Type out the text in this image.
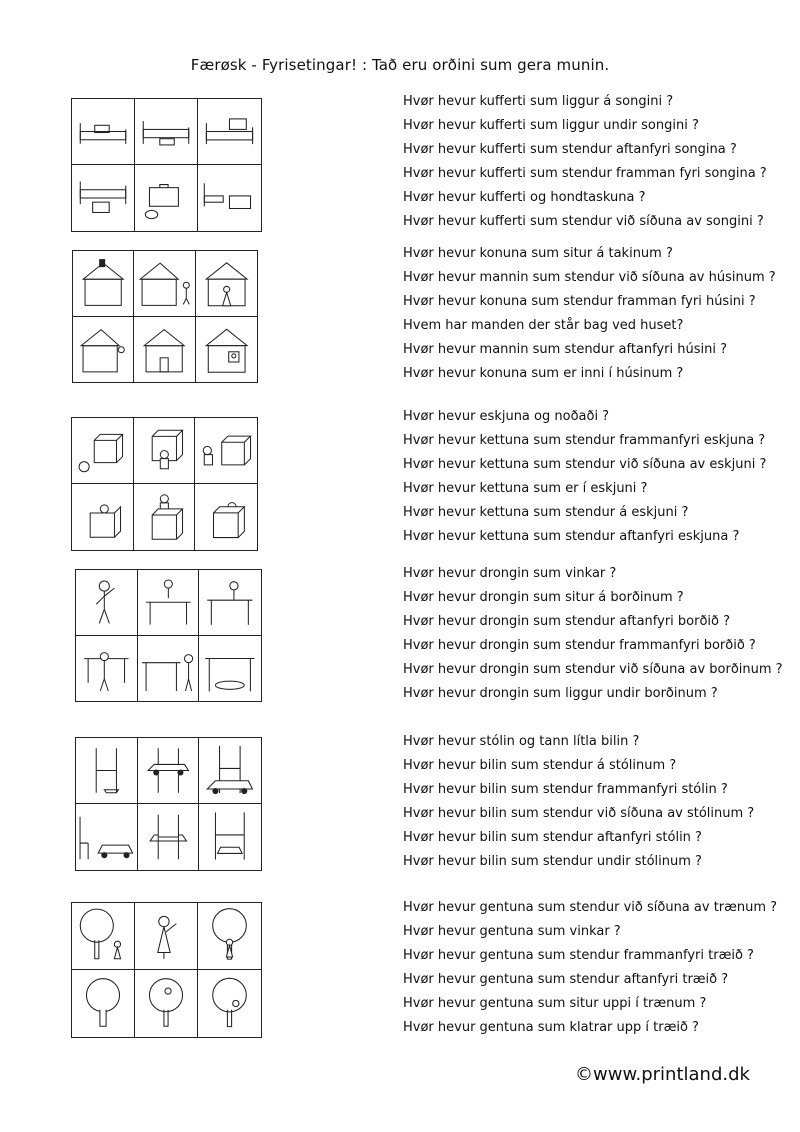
Færøsk - Fyrisetingar! : Tað eru orðini sum gera munin.
Hvør hevur kufferti sum liggur á songini ?
Hvør hevur kufferti sum liggur undir songini ?
Hvør hevur kufferti sum stendur aftanfyri songina ?
Hvør hevur kufferti sum stendur framman fyri songina ?
Hvør hevur kufferti og hondtaskuna ?
Hvør hevur kufferti sum stendur við síðuna av songini ?
Hvør hevur konuna sum situr á takinum ?
Hvør hevur mannin sum stendur við síðuna av húsinum ?
Hvør hevur konuna sum stendur framman fyri húsini ?
Hvem har manden der står bag ved huset?
Hvør hevur mannin sum stendur aftanfyri húsini ?
Hvør hevur konuna sum er inni í húsinum ?
Hvør hevur eskjuna og noðaði ?
Hvør hevur kettuna sum stendur frammanfyri eskjuna ?
Hvør hevur kettuna sum stendur við síðuna av eskjuni ?
Hvør hevur kettuna sum er í eskjuni ?
Hvør hevur kettuna sum stendur á eskjuni ?
Hvør hevur kettuna sum stendur aftanfyri eskjuna ?
Hvør hevur drongin sum vinkar ?
Hvør hevur drongin sum situr á borðinum ?
Hvør hevur drongin sum stendur aftanfyri borðið ?
Hvør hevur drongin sum stendur frammanfyri borðið ?
Hvør hevur drongin sum stendur við síðuna av borðinum ?
Hvør hevur drongin sum liggur undir borðinum ?
Hvør hevur stólin og tann lítla bilin ?
Hvør hevur bilin sum stendur á stólinum ?
Hvør hevur bilin sum stendur frammanfyri stólin ?
Hvør hevur bilin sum stendur við síðuna av stólinum ?
Hvør hevur bilin sum stendur aftanfyri stólin ?
Hvør hevur bilin sum stendur undir stólinum ?
Hvør hevur gentuna sum stendur við síðuna av trænum ?
Hvør hevur gentuna sum vinkar ?
Hvør hevur gentuna sum stendur frammanfyri træið ?
Hvør hevur gentuna sum stendur aftanfyri træið ?
Hvør hevur gentuna sum situr uppi í trænum ?
Hvør hevur gentuna sum klatrar upp í træið ?
©www.printland.dk
